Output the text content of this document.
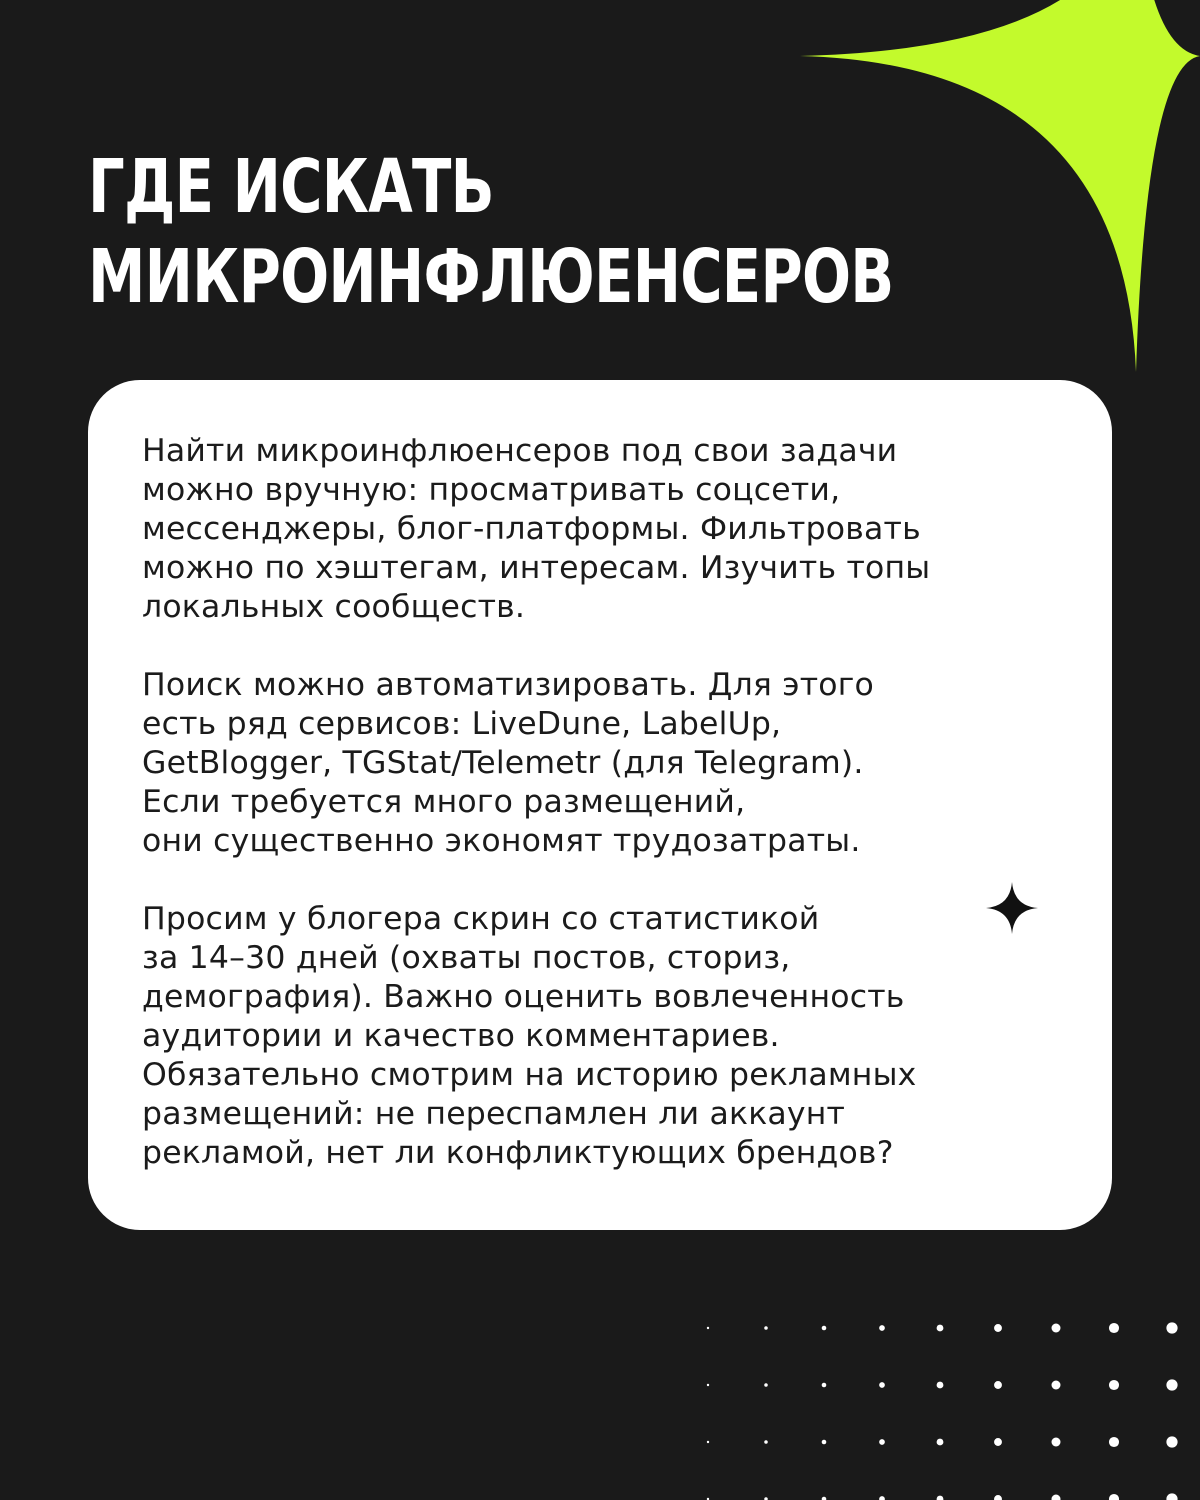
ГДЕ ИСКАТЬ
МИКРОИНФЛЮЕНСЕРОВ

Найти микроинфлюенсеров под свои задачи
можно вручную: просматривать соцсети,
мессенджеры, блог-платформы. Фильтровать
можно по хэштегам, интересам. Изучить топы
локальных сообществ.

Поиск можно автоматизировать. Для этого
есть ряд сервисов: LiveDune, LabelUp,
GetBlogger, TGStat/Telemetr (для Telegram).
Если требуется много размещений,
они существенно экономят трудозатраты.

Просим у блогера скрин со статистикой
за 14–30 дней (охваты постов, сториз,
демография). Важно оценить вовлеченность
аудитории и качество комментариев.
Обязательно смотрим на историю рекламных
размещений: не переспамлен ли аккаунт
рекламой, нет ли конфликтующих брендов?
